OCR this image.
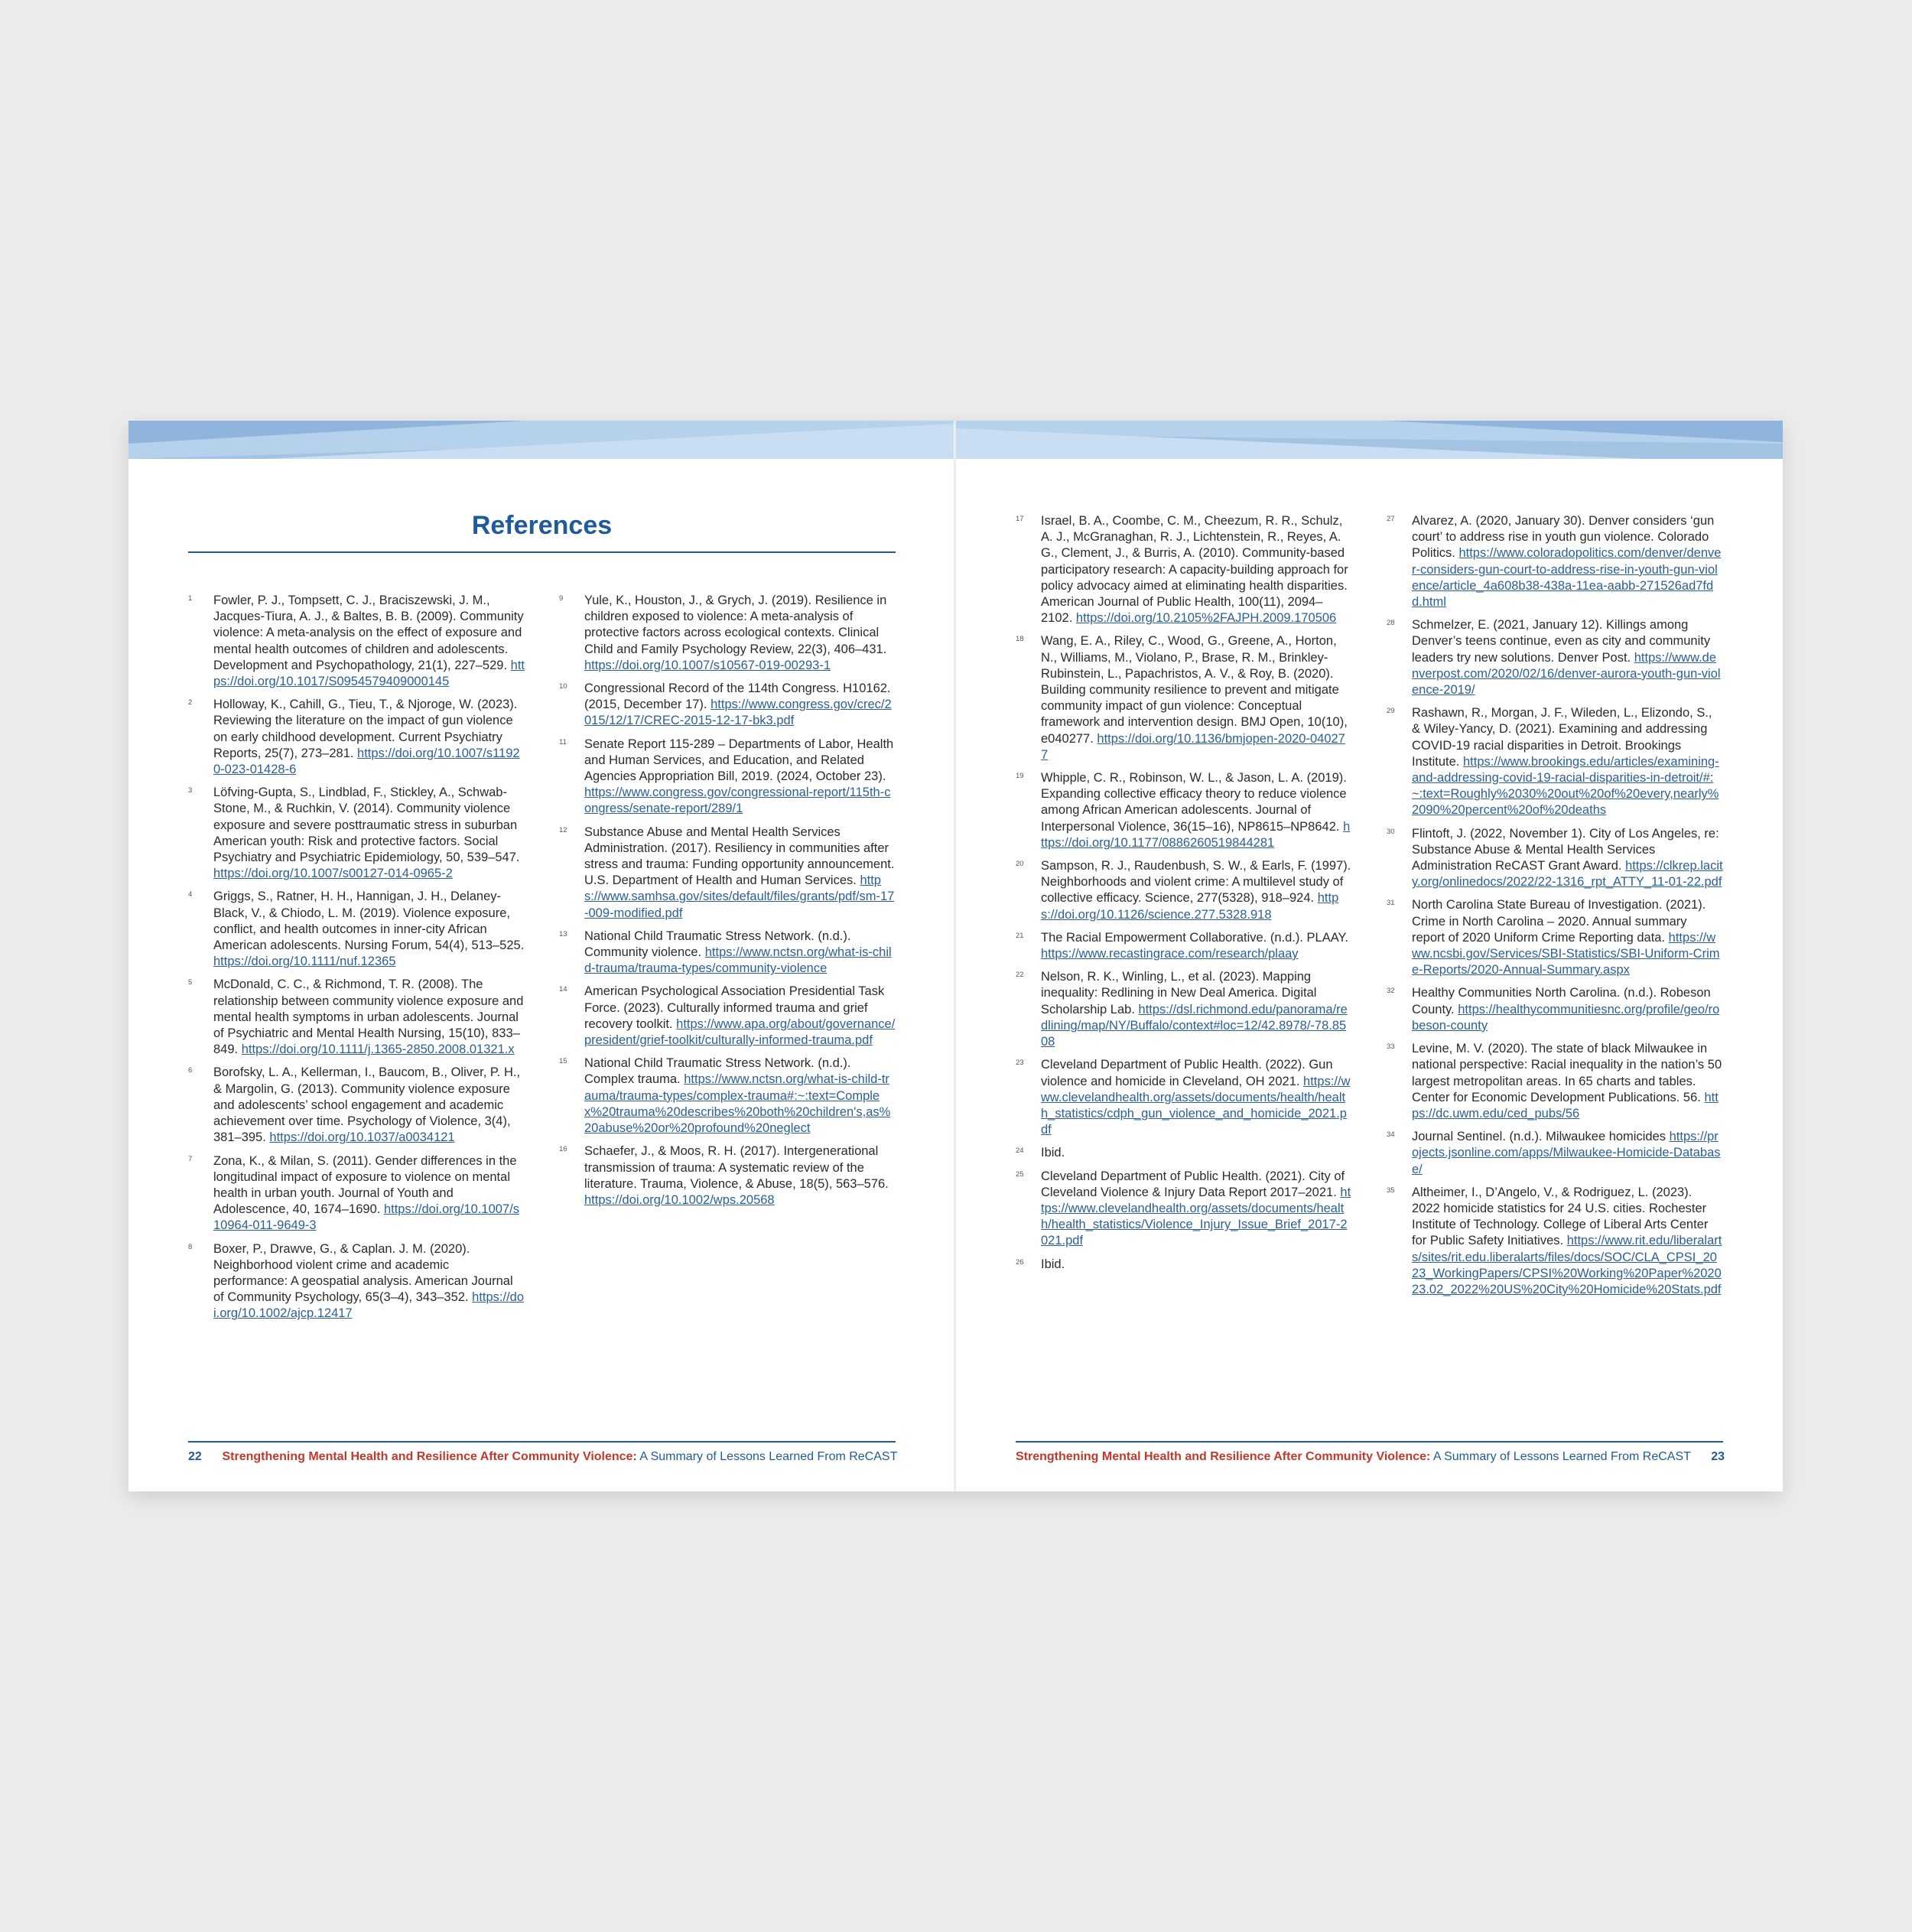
References
1 Fowler, P. J., Tompsett, C. J., Braciszewski, J. M., Jacques-Tiura, A. J., & Baltes, B. B. (2009). Community violence: A meta-analysis on the effect of exposure and mental health outcomes of children and adolescents. Development and Psychopathology, 21(1), 227–529. https://doi.org/10.1017/S0954579409000145
2 Holloway, K., Cahill, G., Tieu, T., & Njoroge, W. (2023). Reviewing the literature on the impact of gun violence on early childhood development. Current Psychiatry Reports, 25(7), 273–281. https://doi.org/10.1007/s11920-023-01428-6
3 Löfving-Gupta, S., Lindblad, F., Stickley, A., Schwab-Stone, M., & Ruchkin, V. (2014). Community violence exposure and severe posttraumatic stress in suburban American youth: Risk and protective factors. Social Psychiatry and Psychiatric Epidemiology, 50, 539–547. https://doi.org/10.1007/s00127-014-0965-2
4 Griggs, S., Ratner, H. H., Hannigan, J. H., Delaney-Black, V., & Chiodo, L. M. (2019). Violence exposure, conflict, and health outcomes in inner-city African American adolescents. Nursing Forum, 54(4), 513–525. https://doi.org/10.1111/nuf.12365
5 McDonald, C. C., & Richmond, T. R. (2008). The relationship between community violence exposure and mental health symptoms in urban adolescents. Journal of Psychiatric and Mental Health Nursing, 15(10), 833–849. https://doi.org/10.1111/j.1365-2850.2008.01321.x
6 Borofsky, L. A., Kellerman, I., Baucom, B., Oliver, P. H., & Margolin, G. (2013). Community violence exposure and adolescents’ school engagement and academic achievement over time. Psychology of Violence, 3(4), 381–395. https://doi.org/10.1037/a0034121
7 Zona, K., & Milan, S. (2011). Gender differences in the longitudinal impact of exposure to violence on mental health in urban youth. Journal of Youth and Adolescence, 40, 1674–1690. https://doi.org/10.1007/s10964-011-9649-3
8 Boxer, P., Drawve, G., & Caplan. J. M. (2020). Neighborhood violent crime and academic performance: A geospatial analysis. American Journal of Community Psychology, 65(3–4), 343–352. https://doi.org/10.1002/ajcp.12417
9 Yule, K., Houston, J., & Grych, J. (2019). Resilience in children exposed to violence: A meta-analysis of protective factors across ecological contexts. Clinical Child and Family Psychology Review, 22(3), 406–431. https://doi.org/10.1007/s10567-019-00293-1
10 Congressional Record of the 114th Congress. H10162. (2015, December 17). https://www.congress.gov/crec/2015/12/17/CREC-2015-12-17-bk3.pdf
11 Senate Report 115-289 – Departments of Labor, Health and Human Services, and Education, and Related Agencies Appropriation Bill, 2019. (2024, October 23). https://www.congress.gov/congressional-report/115th-congress/senate-report/289/1
12 Substance Abuse and Mental Health Services Administration. (2017). Resiliency in communities after stress and trauma: Funding opportunity announcement. U.S. Department of Health and Human Services. https://www.samhsa.gov/sites/default/files/grants/pdf/sm-17-009-modified.pdf
13 National Child Traumatic Stress Network. (n.d.). Community violence. https://www.nctsn.org/what-is-child-trauma/trauma-types/community-violence
14 American Psychological Association Presidential Task Force. (2023). Culturally informed trauma and grief recovery toolkit. https://www.apa.org/about/governance/president/grief-toolkit/culturally-informed-trauma.pdf
15 National Child Traumatic Stress Network. (n.d.). Complex trauma. https://www.nctsn.org/what-is-child-trauma/trauma-types/complex-trauma#:~:text=Complex%20trauma%20describes%20both%20children's,as%20abuse%20or%20profound%20neglect
16 Schaefer, J., & Moos, R. H. (2017). Intergenerational transmission of trauma: A systematic review of the literature. Trauma, Violence, & Abuse, 18(5), 563–576. https://doi.org/10.1002/wps.20568
22 Strengthening Mental Health and Resilience After Community Violence: A Summary of Lessons Learned From ReCAST
17 Israel, B. A., Coombe, C. M., Cheezum, R. R., Schulz, A. J., McGranaghan, R. J., Lichtenstein, R., Reyes, A. G., Clement, J., & Burris, A. (2010). Community-based participatory research: A capacity-building approach for policy advocacy aimed at eliminating health disparities. American Journal of Public Health, 100(11), 2094–2102. https://doi.org/10.2105%2FAJPH.2009.170506
18 Wang, E. A., Riley, C., Wood, G., Greene, A., Horton, N., Williams, M., Violano, P., Brase, R. M., Brinkley-Rubinstein, L., Papachristos, A. V., & Roy, B. (2020). Building community resilience to prevent and mitigate community impact of gun violence: Conceptual framework and intervention design. BMJ Open, 10(10), e040277. https://doi.org/10.1136/bmjopen-2020-040277
19 Whipple, C. R., Robinson, W. L., & Jason, L. A. (2019). Expanding collective efficacy theory to reduce violence among African American adolescents. Journal of Interpersonal Violence, 36(15–16), NP8615–NP8642. https://doi.org/10.1177/0886260519844281
20 Sampson, R. J., Raudenbush, S. W., & Earls, F. (1997). Neighborhoods and violent crime: A multilevel study of collective efficacy. Science, 277(5328), 918–924. https://doi.org/10.1126/science.277.5328.918
21 The Racial Empowerment Collaborative. (n.d.). PLAAY. https://www.recastingrace.com/research/plaay
22 Nelson, R. K., Winling, L., et al. (2023). Mapping inequality: Redlining in New Deal America. Digital Scholarship Lab. https://dsl.richmond.edu/panorama/redlining/map/NY/Buffalo/context#loc=12/42.8978/-78.8508
23 Cleveland Department of Public Health. (2022). Gun violence and homicide in Cleveland, OH 2021. https://www.clevelandhealth.org/assets/documents/health/health_statistics/cdph_gun_violence_and_homicide_2021.pdf
24 Ibid.
25 Cleveland Department of Public Health. (2021). City of Cleveland Violence & Injury Data Report 2017–2021. https://www.clevelandhealth.org/assets/documents/health/health_statistics/Violence_Injury_Issue_Brief_2017-2021.pdf
26 Ibid.
27 Alvarez, A. (2020, January 30). Denver considers ‘gun court’ to address rise in youth gun violence. Colorado Politics. https://www.coloradopolitics.com/denver/denver-considers-gun-court-to-address-rise-in-youth-gun-violence/article_4a608b38-438a-11ea-aabb-271526ad7fdd.html
28 Schmelzer, E. (2021, January 12). Killings among Denver’s teens continue, even as city and community leaders try new solutions. Denver Post. https://www.denverpost.com/2020/02/16/denver-aurora-youth-gun-violence-2019/
29 Rashawn, R., Morgan, J. F., Wileden, L., Elizondo, S., & Wiley-Yancy, D. (2021). Examining and addressing COVID-19 racial disparities in Detroit. Brookings Institute. https://www.brookings.edu/articles/examining-and-addressing-covid-19-racial-disparities-in-detroit/#:~:text=Roughly%2030%20out%20of%20every,nearly%2090%20percent%20of%20deaths
30 Flintoft, J. (2022, November 1). City of Los Angeles, re: Substance Abuse & Mental Health Services Administration ReCAST Grant Award. https://clkrep.lacity.org/onlinedocs/2022/22-1316_rpt_ATTY_11-01-22.pdf
31 North Carolina State Bureau of Investigation. (2021). Crime in North Carolina – 2020. Annual summary report of 2020 Uniform Crime Reporting data. https://www.ncsbi.gov/Services/SBI-Statistics/SBI-Uniform-Crime-Reports/2020-Annual-Summary.aspx
32 Healthy Communities North Carolina. (n.d.). Robeson County. https://healthycommunitiesnc.org/profile/geo/robeson-county
33 Levine, M. V. (2020). The state of black Milwaukee in national perspective: Racial inequality in the nation’s 50 largest metropolitan areas. In 65 charts and tables. Center for Economic Development Publications. 56. https://dc.uwm.edu/ced_pubs/56
34 Journal Sentinel. (n.d.). Milwaukee homicides https://projects.jsonline.com/apps/Milwaukee-Homicide-Database/
35 Altheimer, I., D’Angelo, V., & Rodriguez, L. (2023). 2022 homicide statistics for 24 U.S. cities. Rochester Institute of Technology. College of Liberal Arts Center for Public Safety Initiatives. https://www.rit.edu/liberalarts/sites/rit.edu.liberalarts/files/docs/SOC/CLA_CPSI_2023_WorkingPapers/CPSI%20Working%20Paper%202023.02_2022%20US%20City%20Homicide%20Stats.pdf
Strengthening Mental Health and Resilience After Community Violence: A Summary of Lessons Learned From ReCAST 23
